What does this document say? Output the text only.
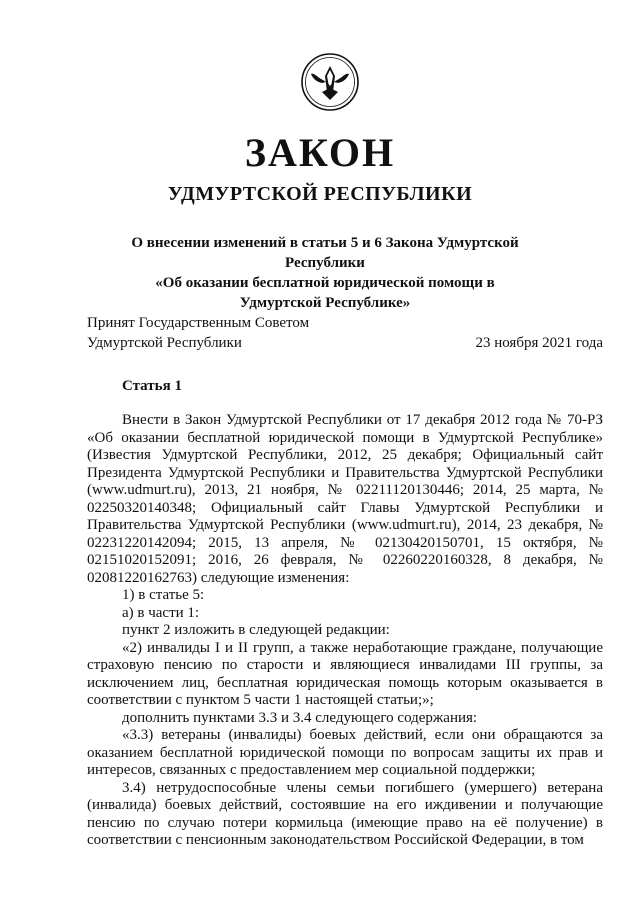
ЗАКОН
УДМУРТСКОЙ РЕСПУБЛИКИ
О внесении изменений в статьи 5 и 6 Закона Удмуртской Республики
«Об оказании бесплатной юридической помощи в
Удмуртской Республике»
Принят Государственным Советом
Удмуртской Республики	23 ноября 2021 года
Статья 1

Внести в Закон Удмуртской Республики от 17 декабря 2012 года № 70-РЗ «Об оказании бесплатной юридической помощи в Удмуртской Республике» (Известия Удмуртской Республики, 2012, 25 декабря; Официальный сайт Президента Удмуртской Республики и Правительства Удмуртской Республики (www.udmurt.ru), 2013, 21 ноября, № 02211120130446; 2014, 25 марта, № 02250320140348; Официальный сайт Главы Удмуртской Республики и Правительства Удмуртской Республики (www.udmurt.ru), 2014, 23 декабря, № 02231220142094; 2015, 13 апреля, № 02130420150701, 15 октября, № 02151020152091; 2016, 26 февраля, № 02260220160328, 8 декабря, № 02081220162763) следующие изменения:

1) в статье 5:

а) в части 1:

пункт 2 изложить в следующей редакции:

«2) инвалиды I и II групп, а также неработающие граждане, получающие страховую пенсию по старости и являющиеся инвалидами III группы, за исключением лиц, бесплатная юридическая помощь которым оказывается в соответствии с пунктом 5 части 1 настоящей статьи;»;

дополнить пунктами 3.3 и 3.4 следующего содержания:

«3.3) ветераны (инвалиды) боевых действий, если они обращаются за оказанием бесплатной юридической помощи по вопросам защиты их прав и интересов, связанных с предоставлением мер социальной поддержки;

3.4) нетрудоспособные члены семьи погибшего (умершего) ветерана (инвалида) боевых действий, состоявшие на его иждивении и получающие пенсию по случаю потери кормильца (имеющие право на её получение) в соответствии с пенсионным законодательством Российской Федерации, в том
